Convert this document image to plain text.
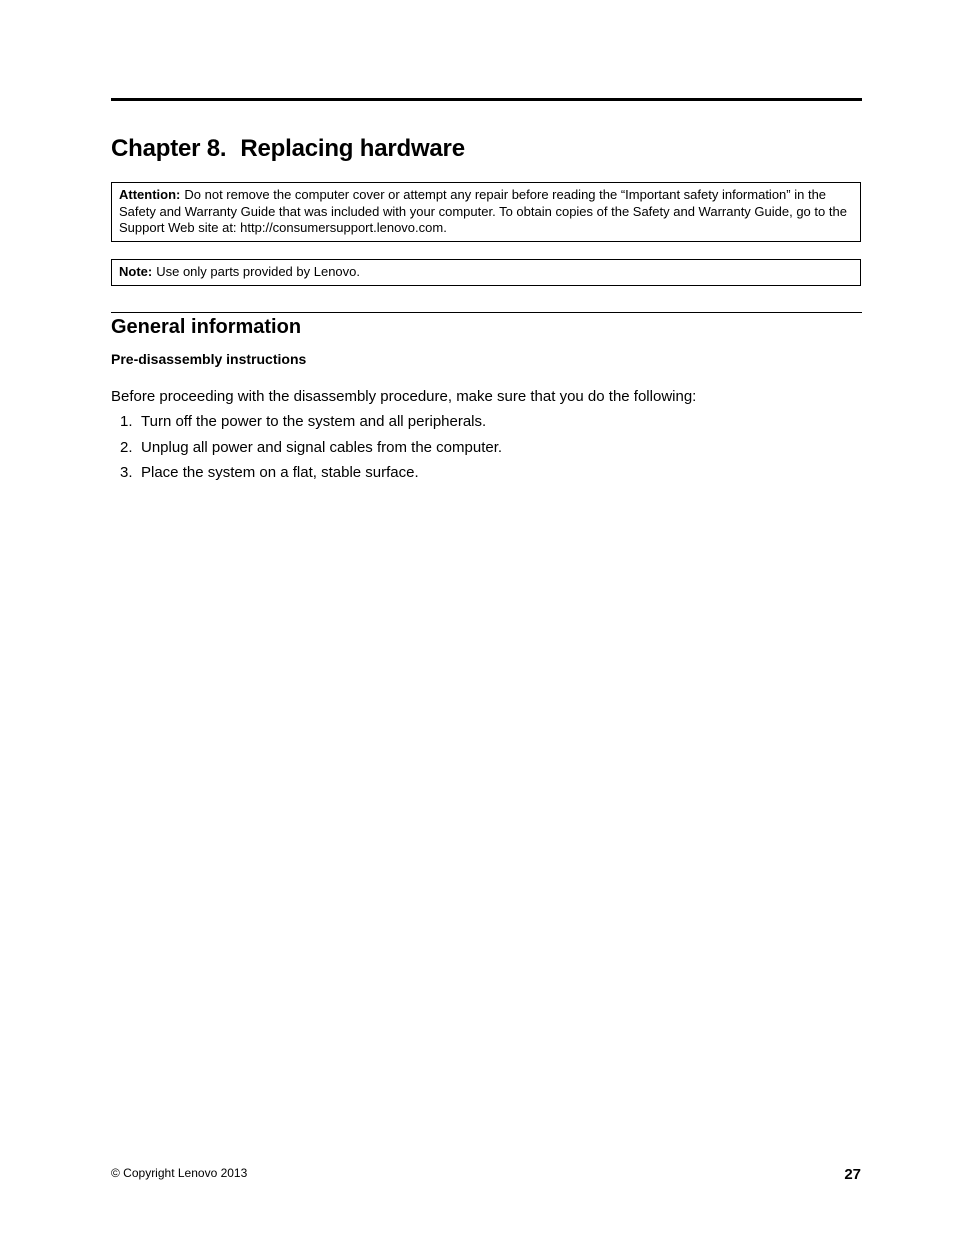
Chapter 8. Replacing hardware
Attention: Do not remove the computer cover or attempt any repair before reading the “Important safety information” in the Safety and Warranty Guide that was included with your computer. To obtain copies of the Safety and Warranty Guide, go to the Support Web site at: http://consumersupport.lenovo.com.
Note: Use only parts provided by Lenovo.
General information
Pre-disassembly instructions

Before proceeding with the disassembly procedure, make sure that you do the following:

1. Turn off the power to the system and all peripherals.
2. Unplug all power and signal cables from the computer.
3. Place the system on a flat, stable surface.
© Copyright Lenovo 2013	27
